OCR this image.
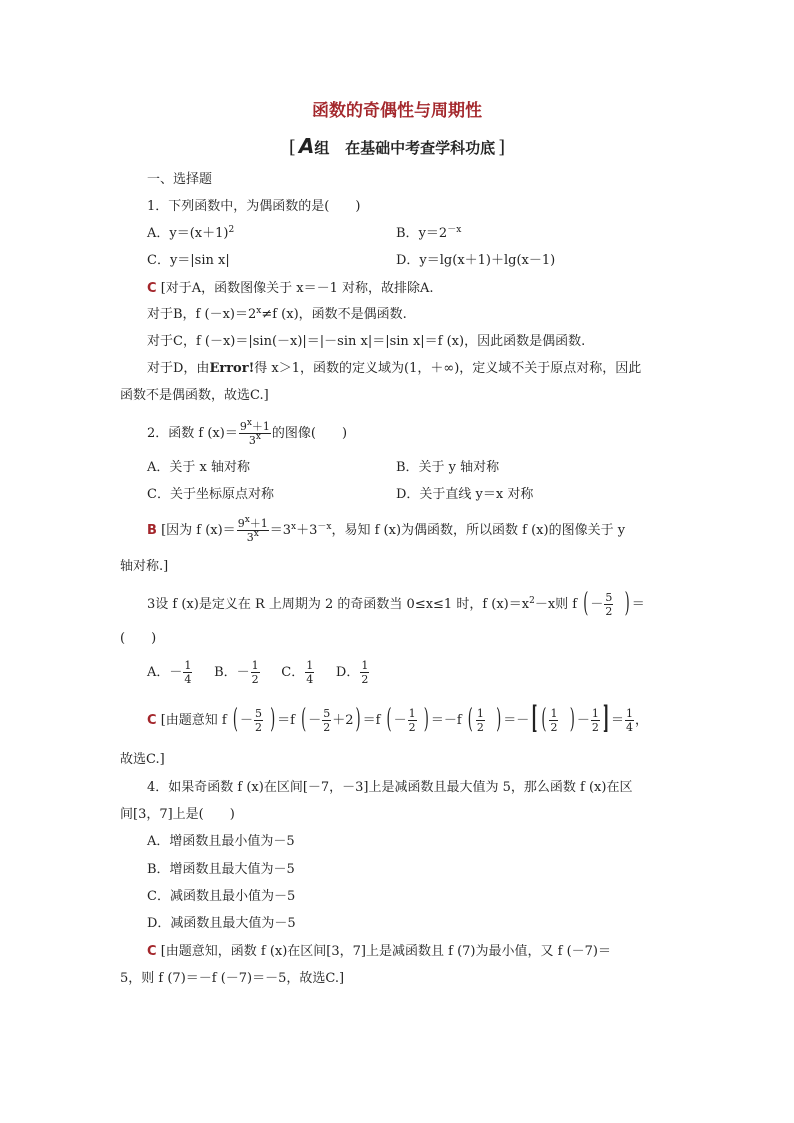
函数的奇偶性与周期性
[ A组 在基础中考查学科功底 ]
一、选择题
1．下列函数中，为偶函数的是(　　)
A．$y=(x+1)^2$	B．$y=2^{-x}$
C．y＝|sin x|	D．y＝lg(x＋1)＋lg(x－1)
C [对于A，函数图像关于 x＝－1 对称，故排除A.
对于B，f $(-x)=2^x\ne f$ (x)，函数不是偶函数.
对于C，f (－x)＝|sin(－x)|＝|－sin x|＝|sin x|＝f (x)，因此函数是偶函数.
对于D，由Error!得 x＞1，函数的定义域为(1，＋∞)，定义域不关于原点对称，因此
函数不是偶函数，故选C.]
2．函数 f $(x)= \frac{9^x+1}{3^x}$ 的图像(　　)
A．关于 x 轴对称	B．关于 y 轴对称
C．关于坐标原点对称	D．关于直线 y＝x 对称
B [因为 f $(x)= \frac{9^x+1}{3^x} =3^x+3^{-x}$，易知 f (x)为偶函数，所以函数 f (x)的图像关于 y
轴对称.]
3设 f (x)是定义在 R 上周期为 2 的奇函数当 0≤x≤1 时，f $(x)=x^2-x$则 f ( － $\frac{5}{2}$ ) ＝
(　　)
A．－ $\frac{1}{4}$ B．－ $\frac{1}{2}$ C． $\frac{1}{4}$ D． $\frac{1}{2}$
C [由题意知 f ( － $\frac{5}{2}$ ) ＝f ( － $\frac{5}{2} +2$ ) ＝f ( － $\frac{1}{2}$ ) ＝－f ( $\frac{1}{2}$ ) ＝－ [ ( $\frac{1}{2}$ ) － $\frac{1}{2}$ ] ＝ $\frac{1}{4}$ ，
故选C.]
4．如果奇函数 f (x)在区间[－7，－3]上是减函数且最大值为 5，那么函数 f (x)在区
间[3，7]上是(　　)
A．增函数且最小值为－5
B．增函数且最大值为－5
C．减函数且最小值为－5
D．减函数且最大值为－5
C [由题意知，函数 f (x)在区间[3，7]上是减函数且 f (7)为最小值，又 f (－7)＝
5，则 f (7)＝－f (－7)＝－5，故选C.]
